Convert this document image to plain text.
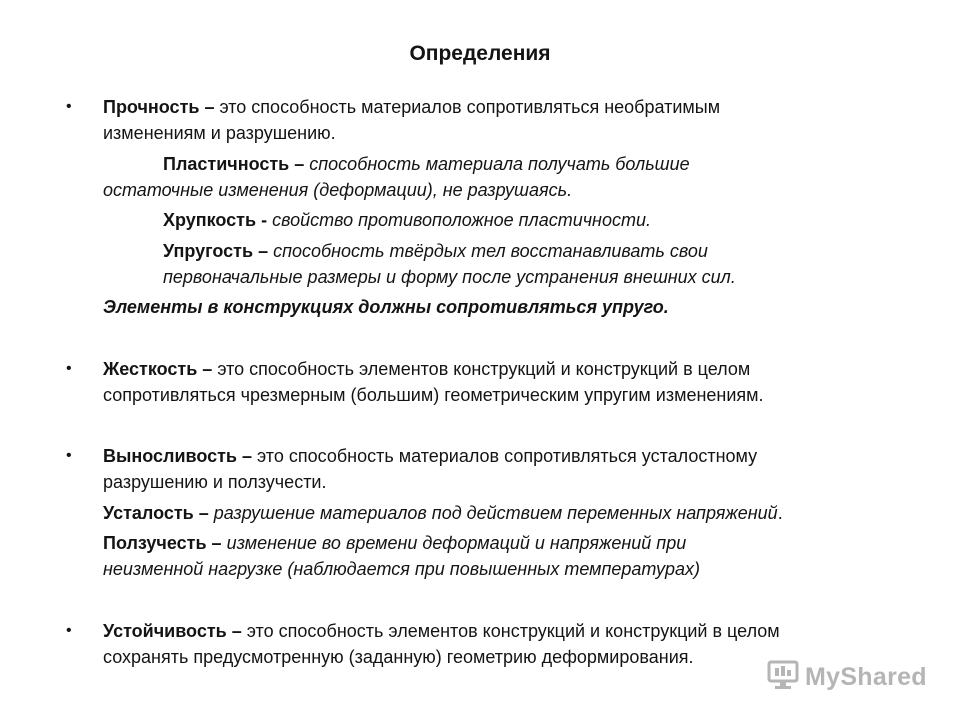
Определения
• Прочность – это способность материалов сопротивляться необратимым

изменениям и разрушению.

Пластичность – способность материала получать большие

остаточные изменения (деформации), не разрушаясь.

Хрупкость - свойство противоположное пластичности.

Упругость – способность твёрдых тел восстанавливать свои

первоначальные размеры и форму после устранения внешних сил.

Элементы в конструкциях должны сопротивляться упруго.

• Жесткость – это способность элементов конструкций и конструкций в целом

сопротивляться чрезмерным (большим) геометрическим упругим изменениям.

• Выносливость – это способность материалов сопротивляться усталостному

разрушению и ползучести.

Усталость – разрушение материалов под действием переменных напряжений.

Ползучесть – изменение во времени деформаций и напряжений при

неизменной нагрузке (наблюдается при повышенных температурах)

• Устойчивость – это способность элементов конструкций и конструкций в целом

сохранять предусмотренную (заданную) геометрию деформирования.

MyShared
